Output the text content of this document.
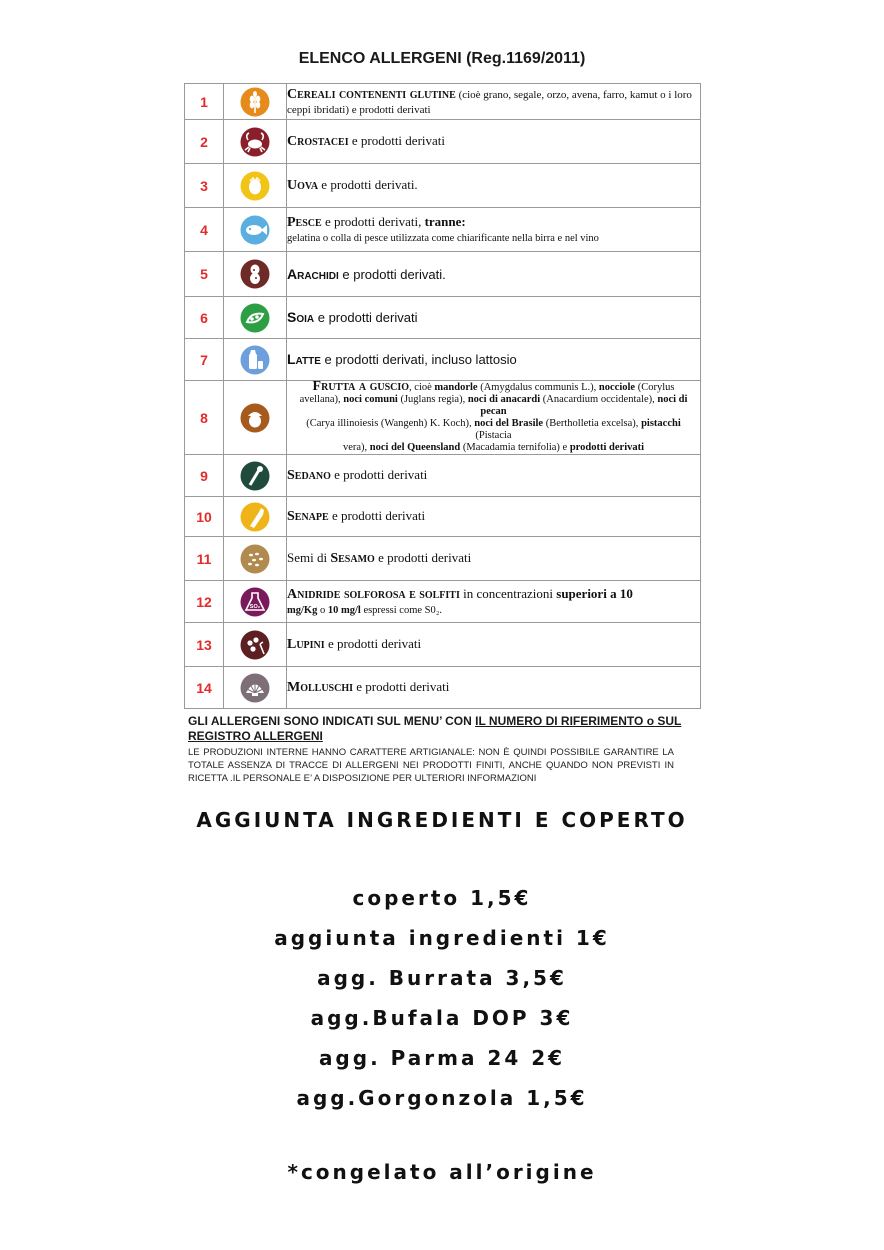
ELENCO ALLERGENI (Reg.1169/2011)
1		Cereali contenenti glutine (cioè grano, segale, orzo, avena, farro, kamut o i loro ceppi ibridati) e prodotti derivati

2		Crostacei e prodotti derivati

3		Uova e prodotti derivati.

4		Pesce e prodotti derivati, tranne:
gelatina o colla di pesce utilizzata come chiarificante nella birra e nel vino

5		Arachidi e prodotti derivati.

6		Soia e prodotti derivati

7		Latte e prodotti derivati, incluso lattosio

8		Frutta a guscio, cioè mandorle (Amygdalus communis L.), nocciole (Corylus
avellana), noci comuni (Juglans regia), noci di anacardi (Anacardium occidentale), noci di pecan
(Carya illinoiesis (Wangenh) K. Koch), noci del Brasile (Bertholletia excelsa), pistacchi (Pistacia
vera), noci del Queensland (Macadamia ternifolia) e prodotti derivati

9		Sedano e prodotti derivati

10		Senape e prodotti derivati

11		Semi di Sesamo e prodotti derivati

12	SO₂	Anidride solforosa e solfiti in concentrazioni superiori a 10
mg/Kg o 10 mg/l espressi come S0₂.

13		Lupini e prodotti derivati

14		Molluschi e prodotti derivati
GLI ALLERGENI SONO INDICATI SUL MENU’ CON IL NUMERO DI RIFERIMENTO o SUL REGISTRO ALLERGENI
LE PRODUZIONI INTERNE HANNO CARATTERE ARTIGIANALE: NON È QUINDI POSSIBILE GARANTIRE LA TOTALE ASSENZA DI TRACCE DI ALLERGENI NEI PRODOTTI FINITI, ANCHE QUANDO NON PREVISTI IN RICETTA .IL PERSONALE E’ A DISPOSIZIONE PER ULTERIORI INFORMAZIONI
AGGIUNTA INGREDIENTI E COPERTO
coperto 1,5€
aggiunta ingredienti 1€
agg. Burrata 3,5€
agg.Bufala DOP 3€
agg. Parma 24 2€
agg.Gorgonzola 1,5€
*congelato all’origine
